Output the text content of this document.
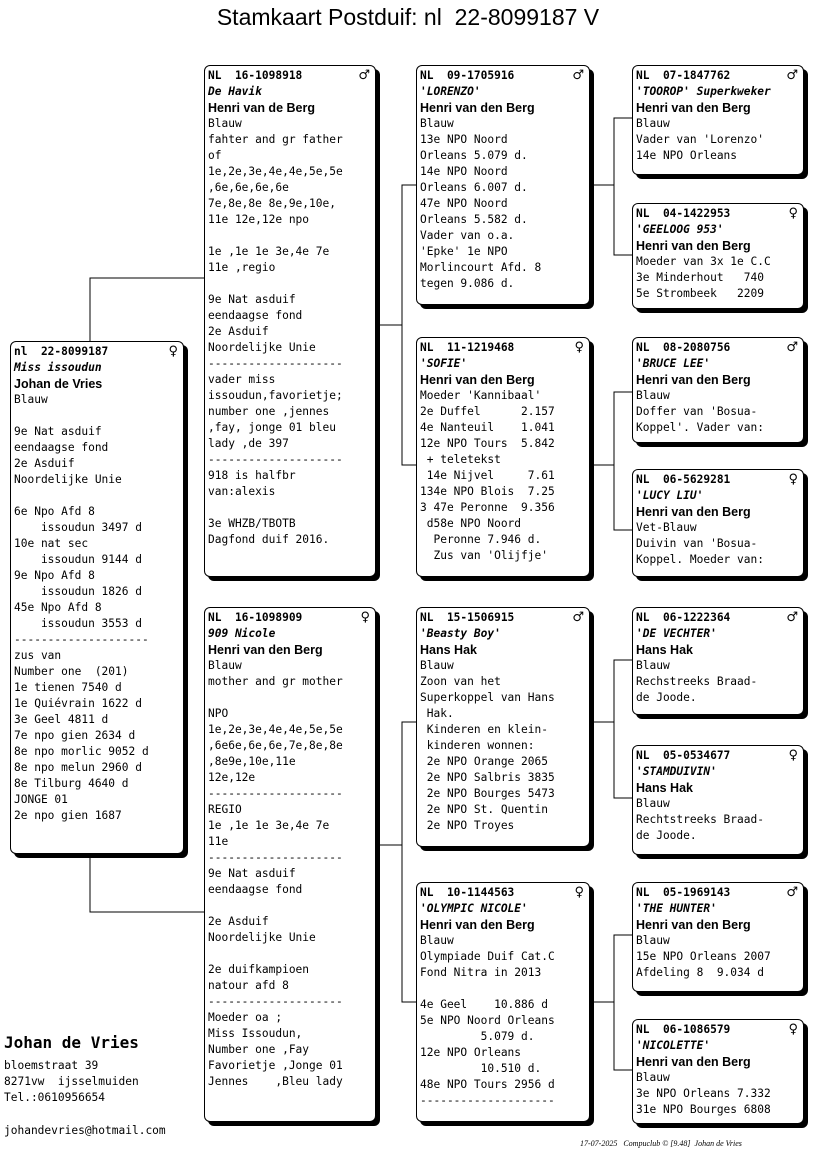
Stamkaart Postduif: nl  22-8099187 V
nl  22-8099187	♀
Miss issoudun
Johan de Vries
Blauw
9e Nat asduif
eendaagse fond
2e Asduif
Noordelijke Unie
6e Npo Afd 8
issoudun 3497 d
10e nat sec
issoudun 9144 d
9e Npo Afd 8
issoudun 1826 d
45e Npo Afd 8
issoudun 3553 d
--------------------
zus van
Number one  (201)
1e tienen 7540 d
1e Quiévrain 1622 d
3e Geel 4811 d
7e npo gien 2634 d
8e npo morlic 9052 d
8e npo melun 2960 d
8e Tilburg 4640 d
JONGE 01
2e npo gien 1687
NL  16-1098918	♂
De Havik
Henri van de Berg
Blauw
fahter and gr father
of
1e,2e,3e,4e,4e,5e,5e
,6e,6e,6e,6e
7e,8e,8e 8e,9e,10e,
11e 12e,12e npo
1e ,1e 1e 3e,4e 7e
11e ,regio
9e Nat asduif
eendaagse fond
2e Asduif
Noordelijke Unie
--------------------
vader miss
issoudun,favorietje;
number one ,jennes
,fay, jonge 01 bleu
lady ,de 397
--------------------
918 is halfbr
van:alexis
3e WHZB/TBOTB
Dagfond duif 2016.
NL  16-1098909	♀
909 Nicole
Henri van den Berg
Blauw
mother and gr mother
NPO
1e,2e,3e,4e,4e,5e,5e
,6e6e,6e,6e,7e,8e,8e
,8e9e,10e,11e
12e,12e
--------------------
REGIO
1e ,1e 1e 3e,4e 7e
11e
--------------------
9e Nat asduif
eendaagse fond
2e Asduif
Noordelijke Unie
2e duifkampioen
natour afd 8
--------------------
Moeder oa ;
Miss Issoudun,
Number one ,Fay
Favorietje ,Jonge 01
Jennes    ,Bleu lady
NL  09-1705916	♂
'LORENZO'
Henri van den Berg
Blauw
13e NPO Noord
Orleans 5.079 d.
14e NPO Noord
Orleans 6.007 d.
47e NPO Noord
Orleans 5.582 d.
Vader van o.a.
'Epke' 1e NPO
Morlincourt Afd. 8
tegen 9.086 d.
NL  11-1219468	♀
'SOFIE'
Henri van den Berg
Moeder 'Kannibaal'
2e Duffel      2.157
4e Nanteuil    1.041
12e NPO Tours  5.842
+ teletekst
14e Nijvel     7.61
134e NPO Blois  7.25
3 47e Peronne  9.356
d58e NPO Noord
Peronne 7.946 d.
Zus van 'Olijfje'
NL  15-1506915	♂
'Beasty Boy'
Hans Hak
Blauw
Zoon van het
Superkoppel van Hans
Hak.
Kinderen en klein-
kinderen wonnen:
2e NPO Orange 2065
2e NPO Salbris 3835
2e NPO Bourges 5473
2e NPO St. Quentin
2e NPO Troyes
NL  10-1144563	♀
'OLYMPIC NICOLE'
Henri van den Berg
Blauw
Olympiade Duif Cat.C
Fond Nitra in 2013
4e Geel    10.886 d
5e NPO Noord Orleans
5.079 d.
12e NPO Orleans
10.510 d.
48e NPO Tours 2956 d
--------------------
NL  07-1847762	♂
'TOOROP' Superkweker
Henri van den Berg
Blauw
Vader van 'Lorenzo'
14e NPO Orleans
NL  04-1422953	♀
'GEELOOG 953'
Henri van den Berg
Moeder van 3x 1e C.C
3e Minderhout   740
5e Strombeek   2209
NL  08-2080756	♂
'BRUCE LEE'
Henri van den Berg
Blauw
Doffer van 'Bosua-
Koppel'. Vader van:
NL  06-5629281	♀
'LUCY LIU'
Henri van den Berg
Vet-Blauw
Duivin van 'Bosua-
Koppel. Moeder van:
NL  06-1222364	♂
'DE VECHTER'
Hans Hak
Blauw
Rechstreeks Braad-
de Joode.
NL  05-0534677	♀
'STAMDUIVIN'
Hans Hak
Blauw
Rechtstreeks Braad-
de Joode.
NL  05-1969143	♂
'THE HUNTER'
Henri van den Berg
Blauw
15e NPO Orleans 2007
Afdeling 8  9.034 d
NL  06-1086579	♀
'NICOLETTE'
Henri van den Berg
Blauw
3e NPO Orleans 7.332
31e NPO Bourges 6808
Johan de Vries
bloemstraat 39
8271vw  ijsselmuiden
Tel.:0610956654
johandevries@hotmail.com
17-07-2025   Compuclub © [9.48]  Johan de Vries
